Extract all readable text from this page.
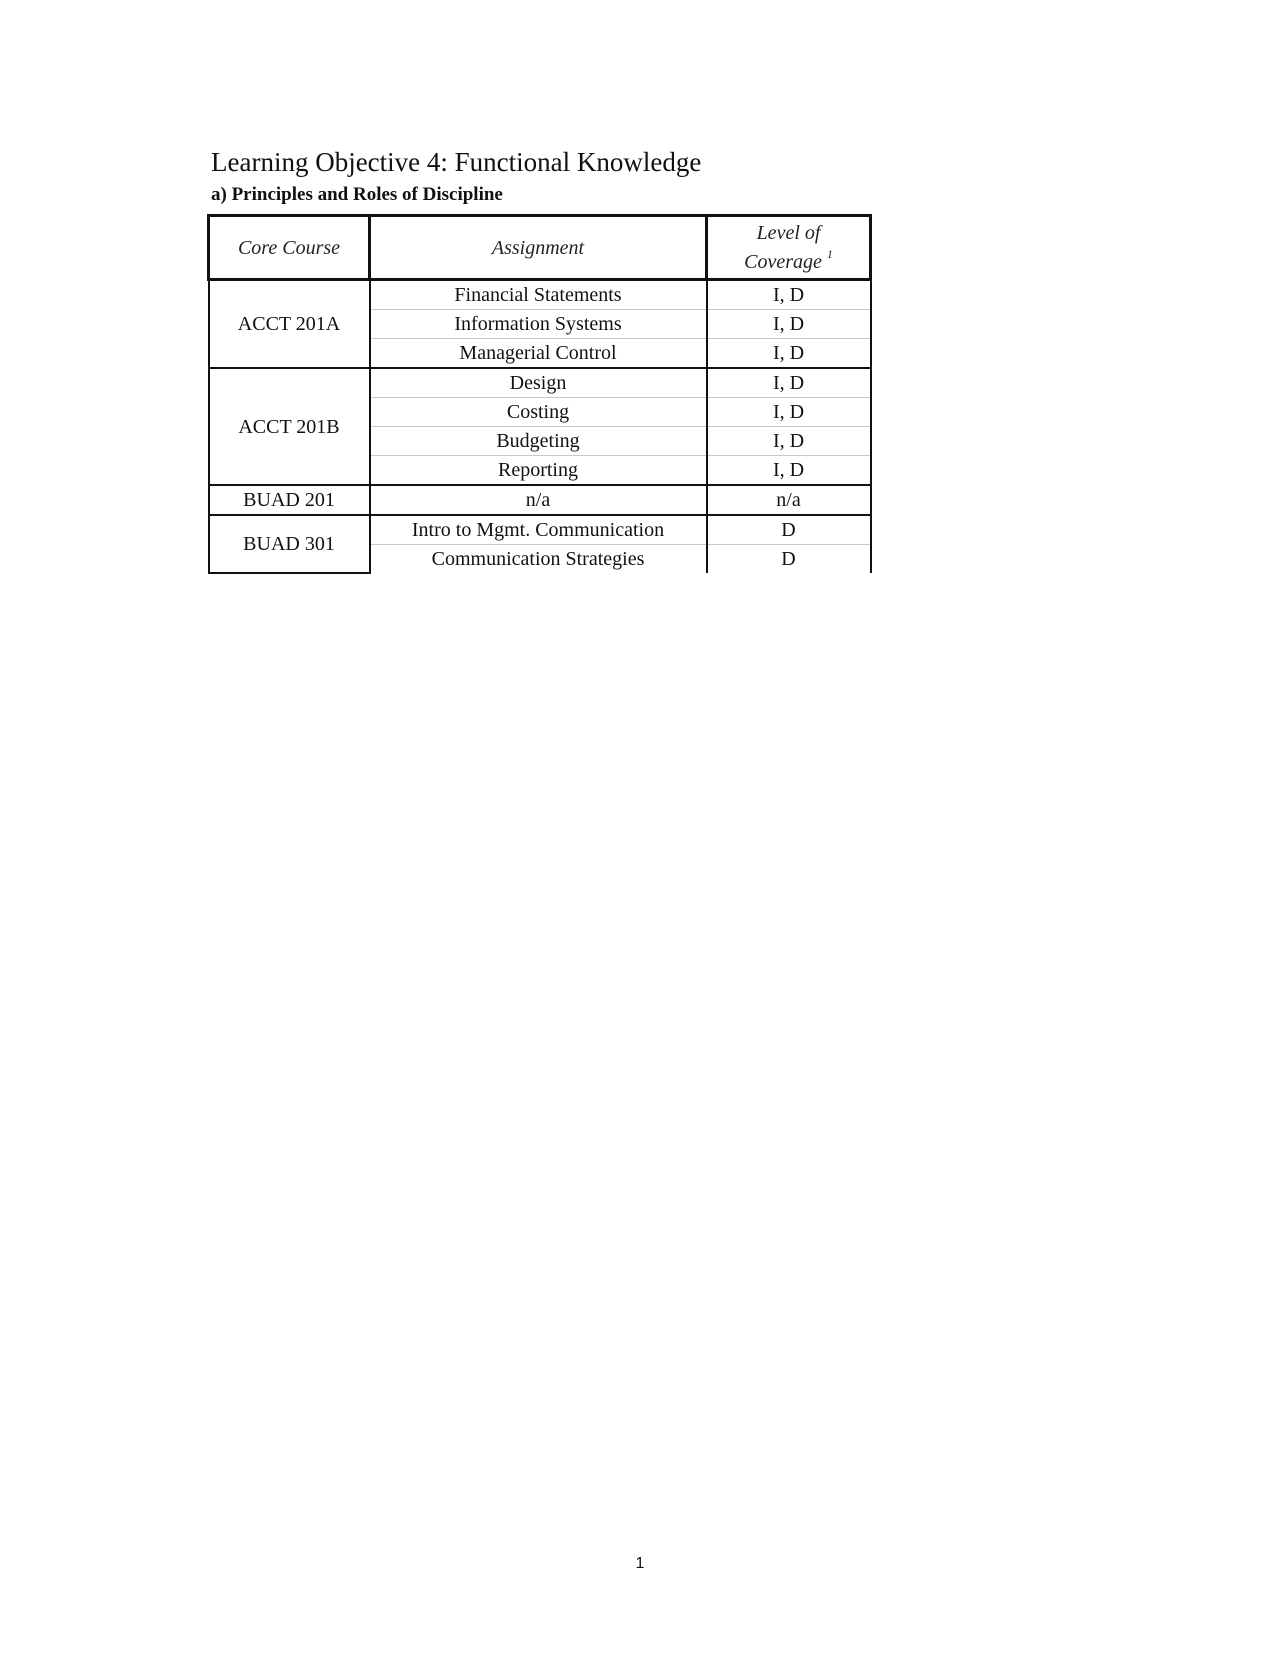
Learning Objective 4: Functional Knowledge
a) Principles and Roles of Discipline
Core Course	Assignment	Level of
Coverage $^1$
ACCT 201A	Financial Statements	I, D
	Information Systems	I, D
	Managerial Control	I, D
ACCT 201B	Design	I, D
	Costing	I, D
	Budgeting	I, D
	Reporting	I, D
BUAD 201	n/a	n/a
BUAD 301	Intro to Mgmt. Communication	D
	Communication Strategies	D
1
